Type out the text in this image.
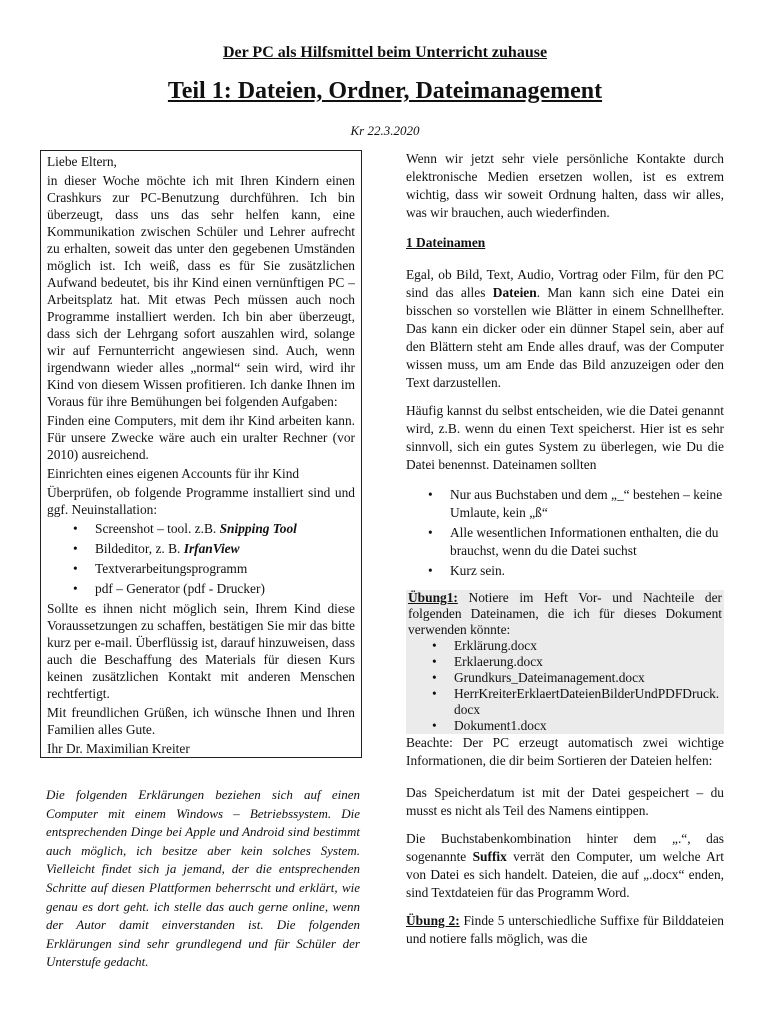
Der PC als Hilfsmittel beim Unterricht zuhause
Teil 1: Dateien, Ordner, Dateimanagement
Kr 22.3.2020

Liebe Eltern,

in dieser Woche möchte ich mit Ihren Kindern einen Crashkurs zur PC-Benutzung durchführen. Ich bin überzeugt, dass uns das sehr helfen kann, eine Kommunikation zwischen Schüler und Lehrer aufrecht zu erhalten, soweit das unter den gegebenen Umständen möglich ist. Ich weiß, dass es für Sie zusätzlichen Aufwand bedeutet, bis ihr Kind einen vernünftigen PC – Arbeitsplatz hat. Mit etwas Pech müssen auch noch Programme installiert werden. Ich bin aber überzeugt, dass sich der Lehrgang sofort auszahlen wird, solange wir auf Fernunterricht angewiesen sind. Auch, wenn irgendwann wieder alles „normal“ sein wird, wird ihr Kind von diesem Wissen profitieren. Ich danke Ihnen im Voraus für ihre Bemühungen bei folgenden Aufgaben:

Finden eine Computers, mit dem ihr Kind arbeiten kann. Für unsere Zwecke wäre auch ein uralter Rechner (vor 2010) ausreichend.

Einrichten eines eigenen Accounts für ihr Kind

Überprüfen, ob folgende Programme installiert sind und ggf. Neuinstallation:

• Screenshot – tool. z.B. Snipping Tool
• Bildeditor, z. B. IrfanView
• Textverarbeitungsprogramm
• pdf – Generator (pdf - Drucker)

Sollte es ihnen nicht möglich sein, Ihrem Kind diese Voraussetzungen zu schaffen, bestätigen Sie mir das bitte kurz per e-mail. Überflüssig ist, darauf hinzuweisen, dass auch die Beschaffung des Materials für diesen Kurs keinen zusätzlichen Kontakt mit anderen Menschen rechtfertigt.

Mit freundlichen Grüßen, ich wünsche Ihnen und Ihren Familien alles Gute.

Ihr Dr. Maximilian Kreiter

Die folgenden Erklärungen beziehen sich auf einen Computer mit einem Windows – Betriebssystem. Die entsprechenden Dinge bei Apple und Android sind bestimmt auch möglich, ich besitze aber kein solches System. Vielleicht findet sich ja jemand, der die entsprechenden Schritte auf diesen Plattformen beherrscht und erklärt, wie genau es dort geht. ich stelle das auch gerne online, wenn der Autor damit einverstanden ist. Die folgenden Erklärungen sind sehr grundlegend und für Schüler der Unterstufe gedacht.

Wenn wir jetzt sehr viele persönliche Kontakte durch elektronische Medien ersetzen wollen, ist es extrem wichtig, dass wir soweit Ordnung halten, dass wir alles, was wir brauchen, auch wiederfinden.

1 Dateinamen

Egal, ob Bild, Text, Audio, Vortrag oder Film, für den PC sind das alles Dateien. Man kann sich eine Datei ein bisschen so vorstellen wie Blätter in einem Schnellhefter. Das kann ein dicker oder ein dünner Stapel sein, aber auf den Blättern steht am Ende alles drauf, was der Computer wissen muss, um am Ende das Bild anzuzeigen oder den Text darzustellen.

Häufig kannst du selbst entscheiden, wie die Datei genannt wird, z.B. wenn du einen Text speicherst. Hier ist es sehr sinnvoll, sich ein gutes System zu überlegen, wie Du die Datei benennst. Dateinamen sollten

• Nur aus Buchstaben und dem „_“ bestehen – keine Umlaute, kein „ß“
• Alle wesentlichen Informationen enthalten, die du brauchst, wenn du die Datei suchst
• Kurz sein.
Übung1: Notiere im Heft Vor- und Nachteile der folgenden Dateinamen, die ich für dieses Dokument verwenden könnte:
• Erklärung.docx
• Erklaerung.docx
• Grundkurs_Dateimanagement.docx
• HerrKreiterErklaertDateienBilderUndPDFDruck.docx
• Dokument1.docx

Beachte: Der PC erzeugt automatisch zwei wichtige Informationen, die dir beim Sortieren der Dateien helfen:

Das Speicherdatum ist mit der Datei gespeichert – du musst es nicht als Teil des Namens eintippen.

Die Buchstabenkombination hinter dem „.“, das sogenannte Suffix verrät den Computer, um welche Art von Datei es sich handelt. Dateien, die auf „.docx“ enden, sind Textdateien für das Programm Word.

Übung 2: Finde 5 unterschiedliche Suffixe für Bilddateien und notiere falls möglich, was die
